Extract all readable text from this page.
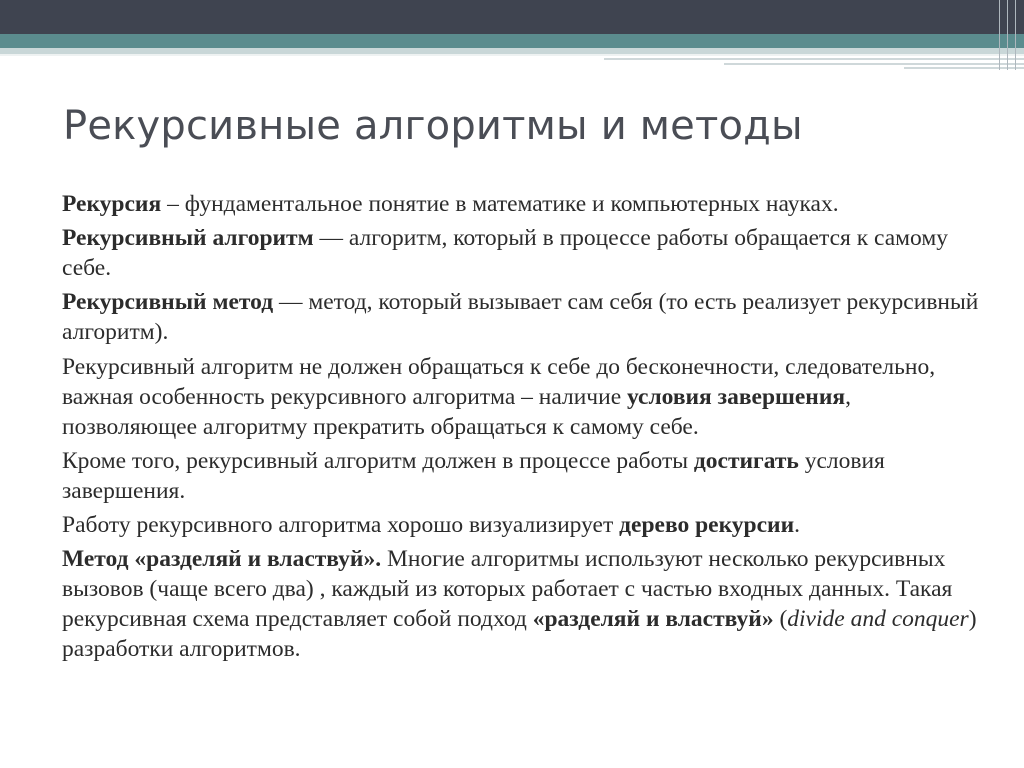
Рекурсивные алгоритмы и методы

Рекурсия – фундаментальное понятие в математике и компьютерных науках.

Рекурсивный алгоритм — алгоритм, который в процессе работы обращается к самому себе.

Рекурсивный метод — метод, который вызывает сам себя (то есть реализует рекурсивный алгоритм).

Рекурсивный алгоритм не должен обращаться к себе до бесконечности, следовательно, важная особенность рекурсивного алгоритма – наличие условия завершения, позволяющее алгоритму прекратить обращаться к самому себе.

Кроме того, рекурсивный алгоритм должен в процессе работы достигать условия завершения.

Работу рекурсивного алгоритма хорошо визуализирует дерево рекурсии.

Метод «разделяй и властвуй». Многие алгоритмы используют несколько рекурсивных вызовов (чаще всего два) , каждый из которых работает с частью входных данных. Такая рекурсивная схема представляет собой подход «разделяй и властвуй» (divide and conquer) разработки алгоритмов.
